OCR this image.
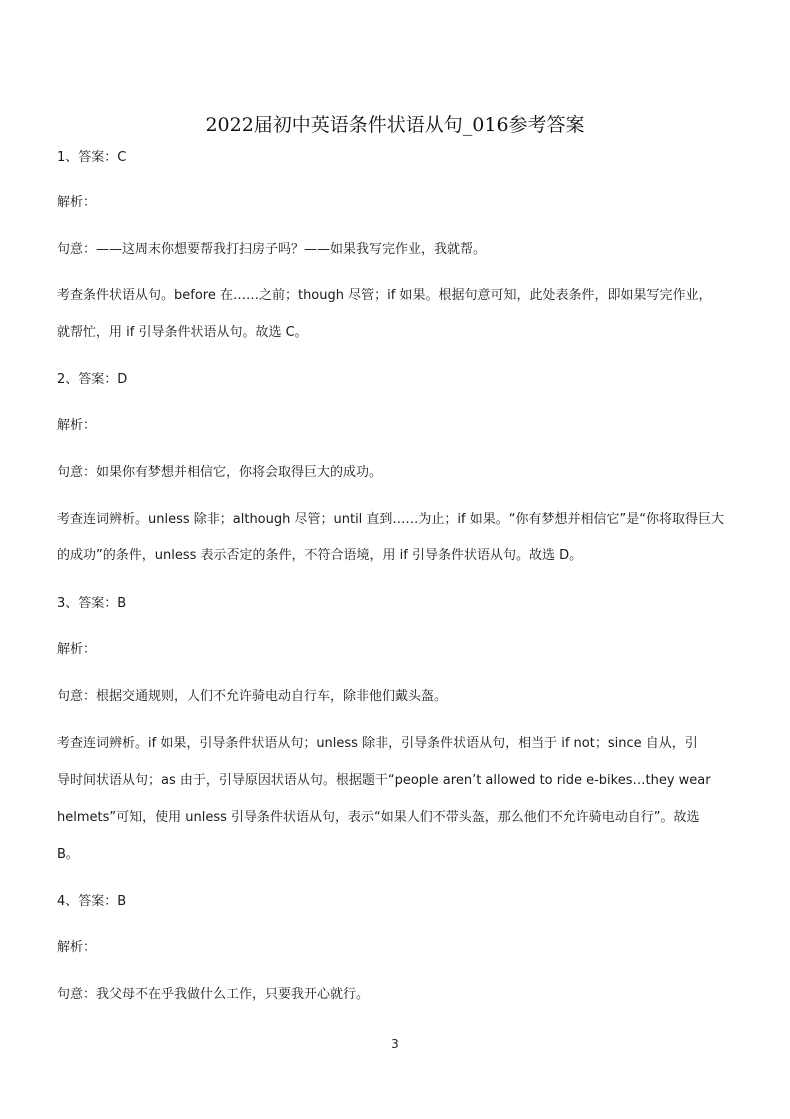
2022届初中英语条件状语从句_016参考答案
1、答案：C
解析：
句意：——这周末你想要帮我打扫房子吗？——如果我写完作业，我就帮。
考查条件状语从句。before 在……之前；though 尽管；if 如果。根据句意可知，此处表条件，即如果写完作业，
就帮忙，用 if 引导条件状语从句。故选 C。
2、答案：D
解析：
句意：如果你有梦想并相信它，你将会取得巨大的成功。
考查连词辨析。unless 除非；although 尽管；until 直到……为止；if 如果。“你有梦想并相信它”是“你将取得巨大
的成功”的条件，unless 表示否定的条件，不符合语境，用 if 引导条件状语从句。故选 D。
3、答案：B
解析：
句意：根据交通规则，人们不允许骑电动自行车，除非他们戴头盔。
考查连词辨析。if 如果，引导条件状语从句；unless 除非，引导条件状语从句，相当于 if not；since 自从，引
导时间状语从句；as 由于，引导原因状语从句。根据题干“people aren’t allowed to ride e-bikes…they wear
helmets”可知，使用 unless 引导条件状语从句，表示“如果人们不带头盔，那么他们不允许骑电动自行”。故选
B。
4、答案：B
解析：
句意：我父母不在乎我做什么工作，只要我开心就行。
3
